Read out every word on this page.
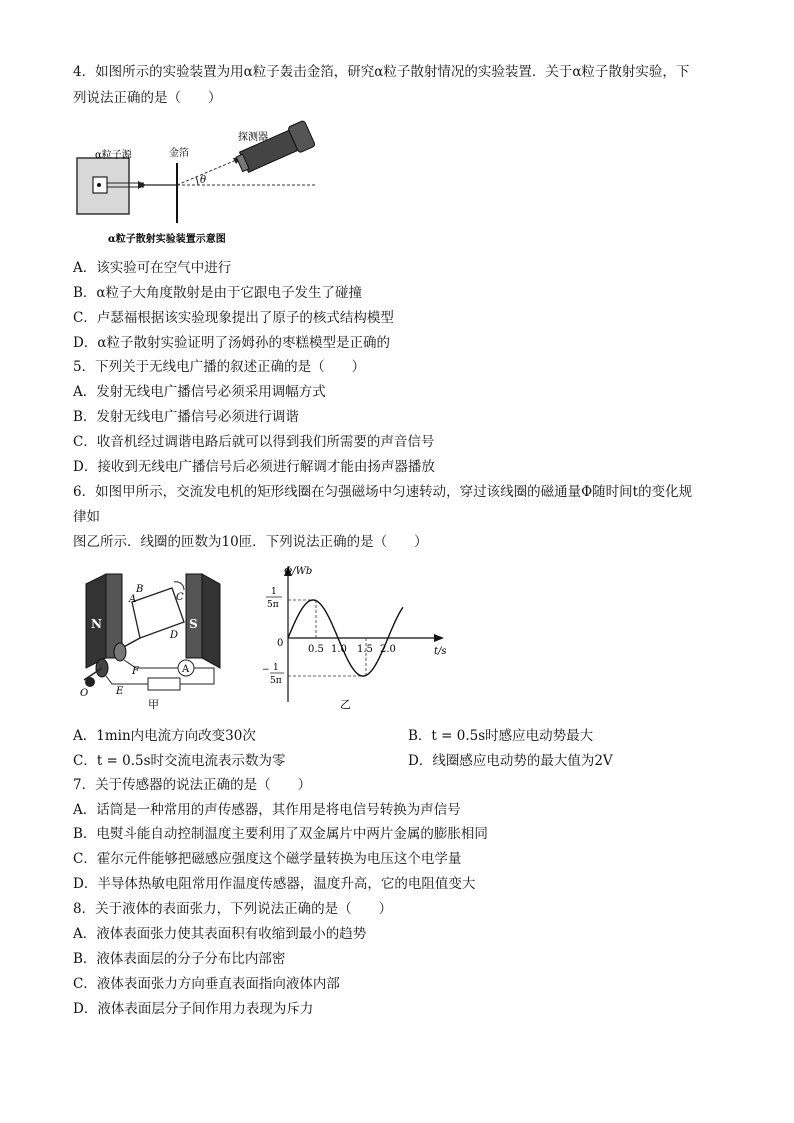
4．如图所示的实验装置为用α粒子轰击金箔，研究α粒子散射情况的实验装置．关于α粒子散射实验，下
列说法正确的是（　　）
α粒子源	金箔
探测器
θ
α粒子散射实验装置示意图
A．该实验可在空气中进行
B．α粒子大角度散射是由于它跟电子发生了碰撞
C．卢瑟福根据该实验现象提出了原子的核式结构模型
D．α粒子散射实验证明了汤姆孙的枣糕模型是正确的
5．下列关于无线电广播的叙述正确的是（　　）
A．发射无线电广播信号必须采用调幅方式
B．发射无线电广播信号必须进行调谐
C．收音机经过调谐电路后就可以得到我们所需要的声音信号
D．接收到无线电广播信号后必须进行解调才能由扬声器播放
6．如图甲所示，交流发电机的矩形线圈在匀强磁场中匀速转动，穿过该线圈的磁通量Φ随时间t的变化规
律如
图乙所示．线圈的匝数为10匝．下列说法正确的是（　　）
N	S
A
A
B
C
D
E
F
O
甲
Φ/Wb
t/s
1
5π
− 1
5π
0
0.5 1.0 1.5 2.0
乙
A．1min内电流方向改变30次	B．t = 0.5s时感应电动势最大
C．t = 0.5s时交流电流表示数为零	D．线圈感应电动势的最大值为2V
7．关于传感器的说法正确的是（　　）
A．话筒是一种常用的声传感器，其作用是将电信号转换为声信号
B．电熨斗能自动控制温度主要利用了双金属片中两片金属的膨胀相同
C．霍尔元件能够把磁感应强度这个磁学量转换为电压这个电学量
D．半导体热敏电阻常用作温度传感器，温度升高，它的电阻值变大
8．关于液体的表面张力，下列说法正确的是（　　）
A．液体表面张力使其表面积有收缩到最小的趋势
B．液体表面层的分子分布比内部密
C．液体表面张力方向垂直表面指向液体内部
D．液体表面层分子间作用力表现为斥力
